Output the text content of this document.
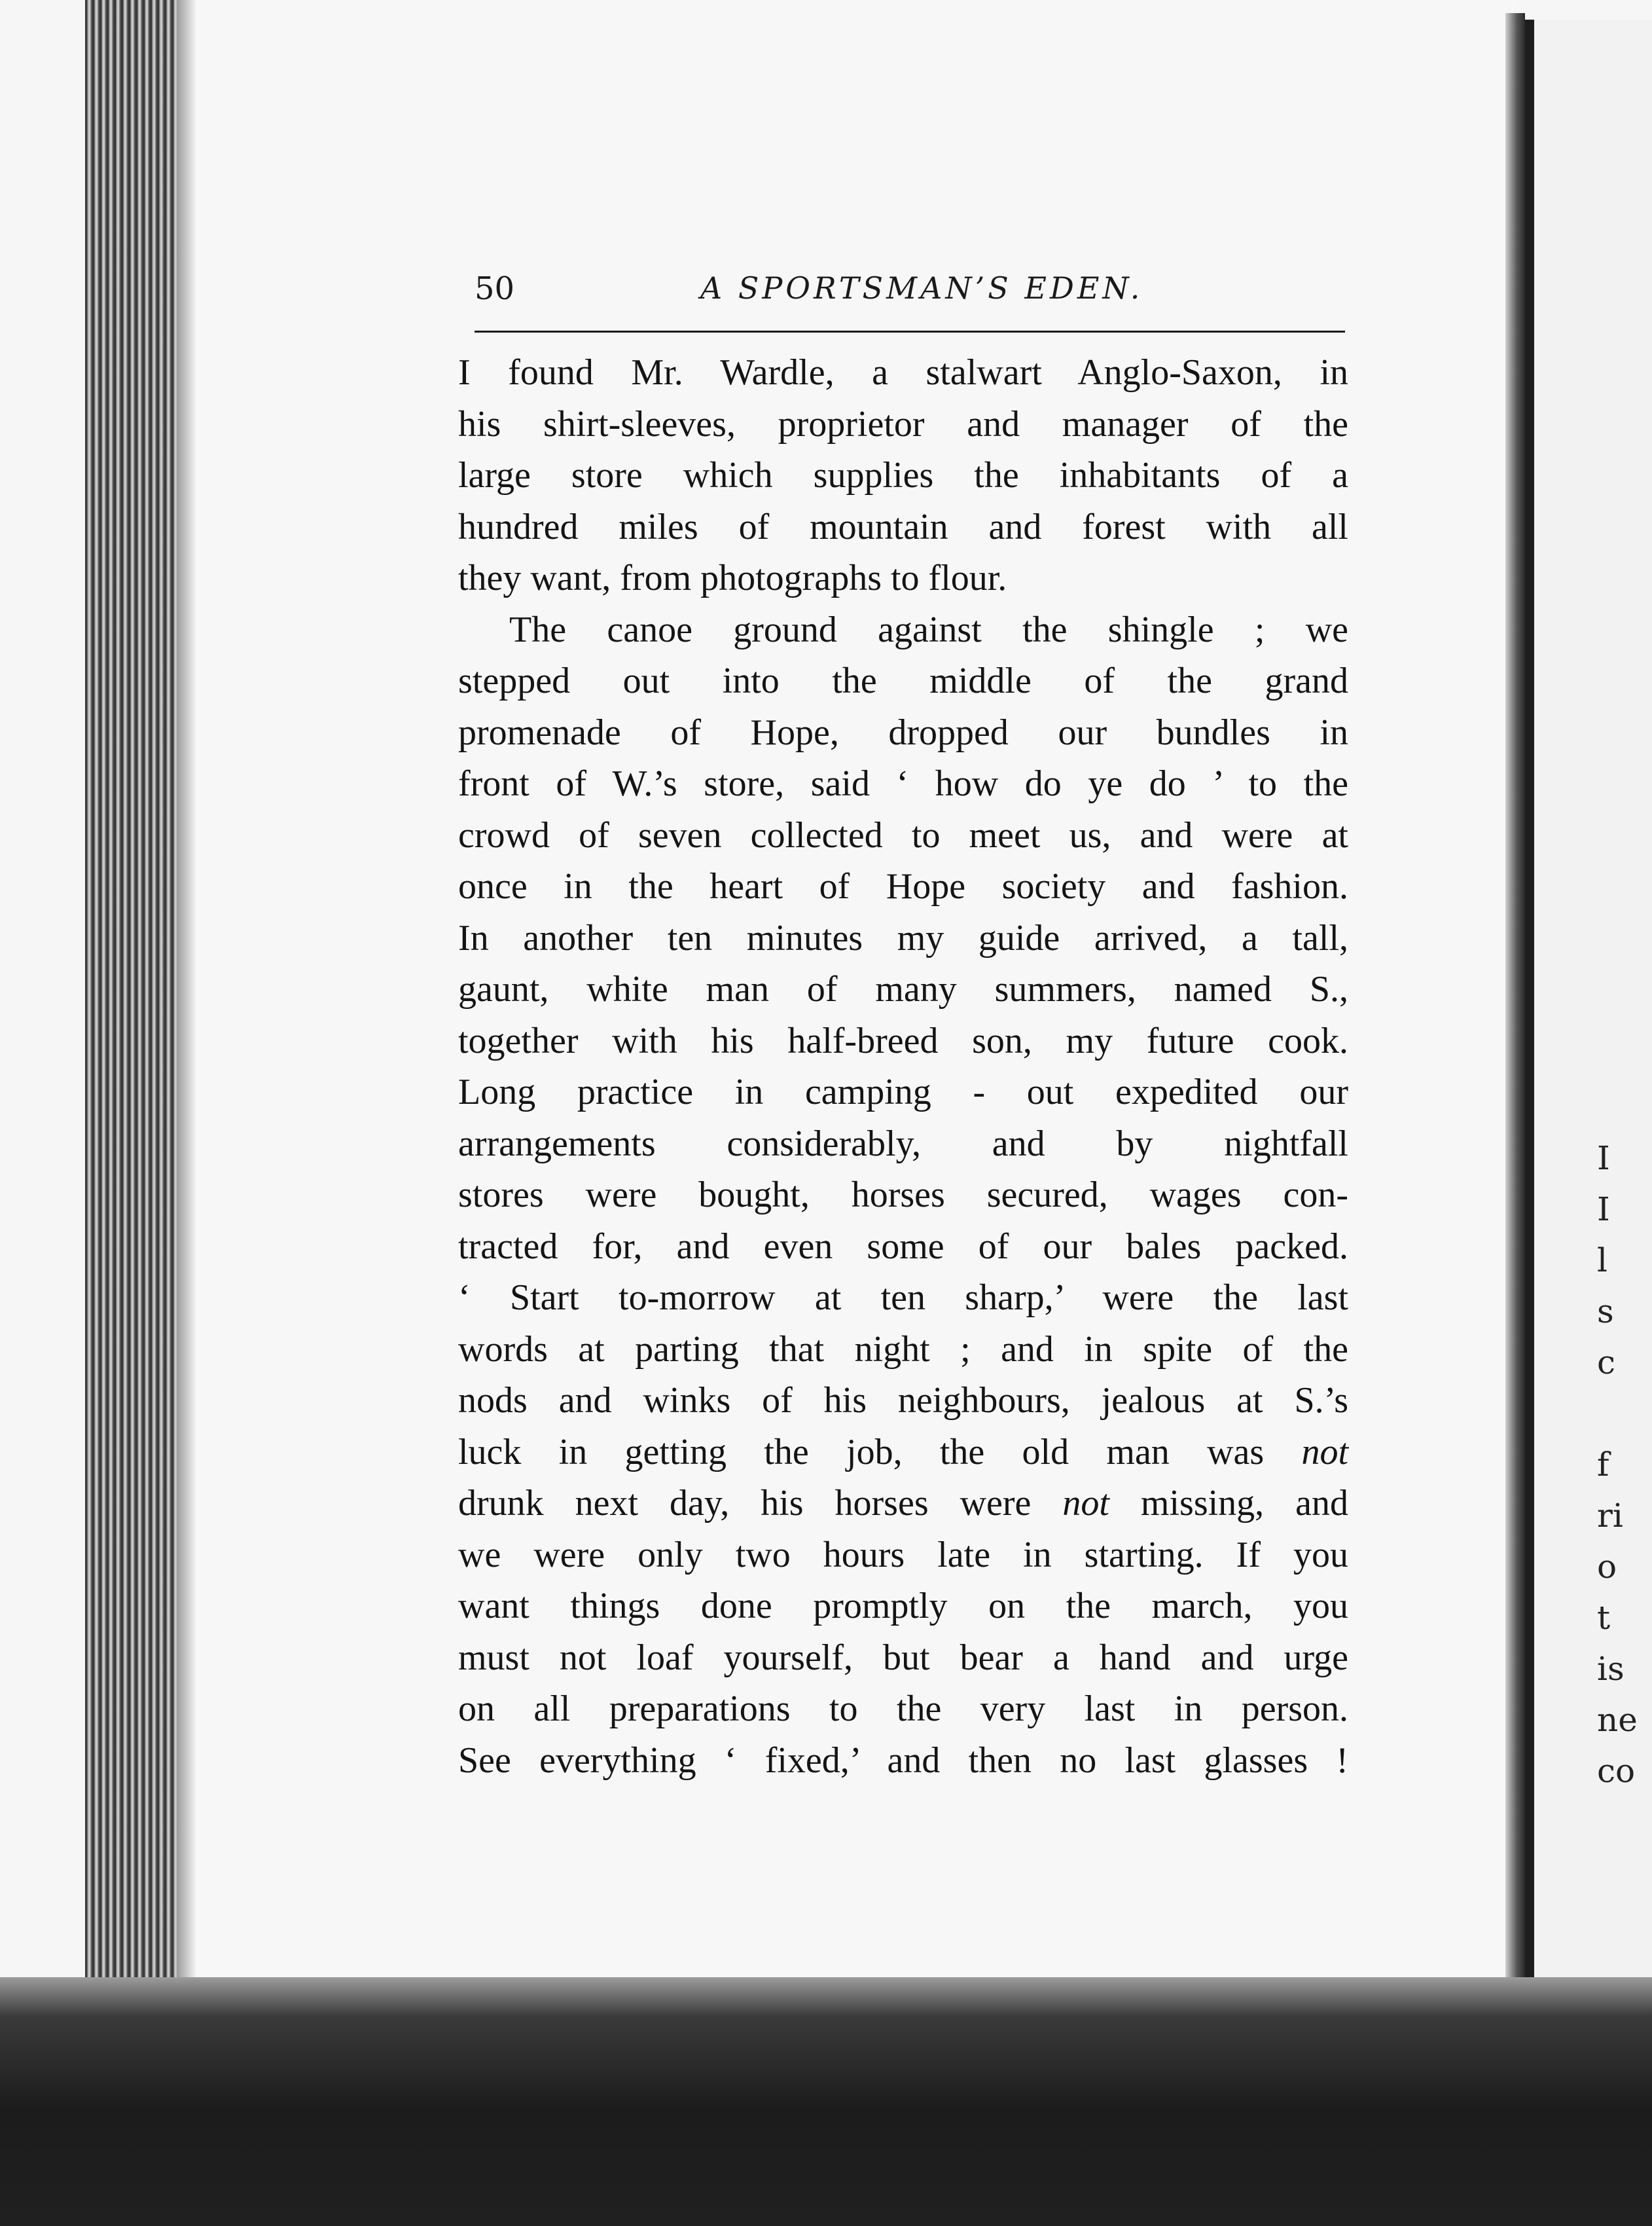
I
I
l
s
c
f
ri
o
t
is
ne
co
50	A SPORTSMAN’S EDEN.
I found Mr. Wardle, a stalwart Anglo-Saxon, in
his shirt-sleeves, proprietor and manager of the
large store which supplies the inhabitants of a
hundred miles of mountain and forest with all
they want, from photographs to flour.
The canoe ground against the shingle ; we
stepped out into the middle of the grand
promenade of Hope, dropped our bundles in
front of W.’s store, said ‘ how do ye do ’ to the
crowd of seven collected to meet us, and were at
once in the heart of Hope society and fashion.
In another ten minutes my guide arrived, a tall,
gaunt, white man of many summers, named S.,
together with his half-breed son, my future cook.
Long practice in camping - out expedited our
arrangements considerably, and by nightfall
stores were bought, horses secured, wages con-
tracted for, and even some of our bales packed.
‘ Start to-morrow at ten sharp,’ were the last
words at parting that night ; and in spite of the
nods and winks of his neighbours, jealous at S.’s
luck in getting the job, the old man was not
drunk next day, his horses were not missing, and
we were only two hours late in starting. If you
want things done promptly on the march, you
must not loaf yourself, but bear a hand and urge
on all preparations to the very last in person.
See everything ‘ fixed,’ and then no last glasses !
